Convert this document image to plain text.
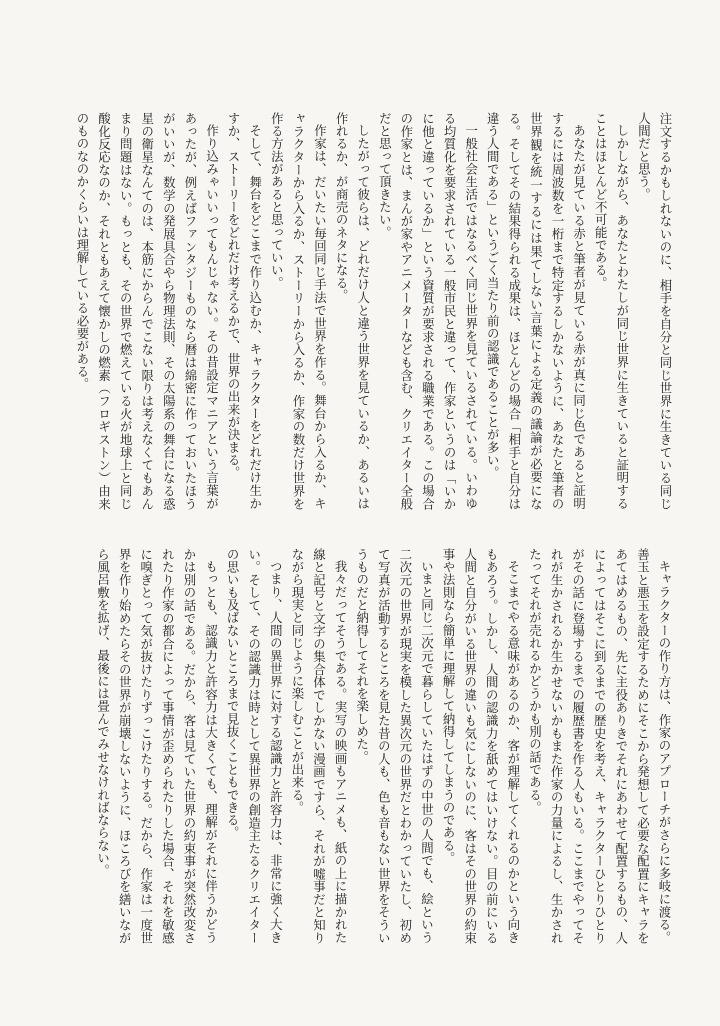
注文するかもしれないのに、相手を自分と同じ世界に生きている同じ人間だと思う。

しかしながら、あなたとわたしが同じ世界に生きていると証明することはほとんど不可能である。

あなたが見ている赤と筆者が見ている赤が真に同じ色であると証明するには周波数を一桁まで特定するしかないように、あなたと筆者の世界観を統一するには果てしない言葉による定義の議論が必要になる。そしてその結果得られる成果は、ほとんどの場合「相手と自分は違う人間である」というごく当たり前の認識であることが多い。

一般社会生活ではなるべく同じ世界を見ているされている。いわゆる均質化を要求されている一般市民と違って、作家というのは「いかに他と違っているか」という資質が要求される職業である。この場合の作家とは、まんが家やアニメーターなども含む、クリエイター全般だと思って頂きたい。

したがって彼らは、どれだけ人と違う世界を見ているか、あるいは作れるか、が商売のネタになる。

作家は、だいたい毎回同じ手法で世界を作る。舞台から入るか、キャラクターから入るか、ストーリーから入るか、作家の数だけ世界を作る方法があると思っていい。

そして、舞台をどこまで作り込むか、キャラクターをどれだけ生かすか、ストーリーをどれだけ考えるかで、世界の出来が決まる。

作り込みゃいいってもんじゃない。その昔設定マニアという言葉があったが、例えばファンタジーものなら暦は綿密に作っておいたほうがいいが、数学の発展具合やら物理法則、その太陽系の舞台になる惑星の衛星なんてのは、本筋にからんでこない限りは考えなくてもあんまり問題はない。もっとも、その世界で燃えている火が地球上と同じ酸化反応なのか、それともあえて懐かしの燃素（フロギストン）由来のものなのかくらいは理解している必要がある。

キャラクターの作り方は、作家のアプローチがさらに多岐に渡る。善玉と悪玉を設定するためにそこから発想して必要な配置にキャラをあてはめるもの、先に主役ありきでそれにあわせて配置するもの、人によってはそこに到るまでの歴史を考え、キャラクターひとりひとりがその話に登場するまでの履歴書を作る人もいる。ここまでやってそれが生かされるか生かせないかもまた作家の力量によるし、生かされたってそれが売れるかどうかも別の話である。

そこまでやる意味があるのか、客が理解してくれるのかという向きもあろう。しかし、人間の認識力を舐めてはいけない。目の前にいる人間と自分がいる世界の違いも気にしないのに、客はその世界の約束事や法則なら簡単に理解して納得してしまうのである。

いまと同じ二次元で暮らしていたはずの中世の人間でも、絵という二次元の世界が現実を模した異次元の世界だとわかっていたし、初めて写真が活動するところを見た昔の人も、色も音もない世界をそういうものだと納得してそれを楽しめた。

我々だってそうである。実写の映画もアニメも、紙の上に描かれた線と記号と文字の集合体でしかない漫画ですら、それが嘘事だと知りながら現実と同じように楽しむことが出来る。

つまり、人間の異世界に対する認識力と許容力は、非常に強く大きい。そして、その認識力は時として異世界の創造主たるクリエイターの思いも及ばないところまで見抜くこともできる。

もっとも、認識力と許容力は大きくても、理解がそれに伴うかどうかは別の話である。だから、客は見ていた世界の約束事が突然改変されたり作家の都合によって事情が歪められたりした場合、それを敏感に嗅ぎとって気が抜けたりずっこけたりする。だから、作家は一度世界を作り始めたらその世界が崩壊しないように、ほころびを繕いながら風呂敷を拡げ、最後には畳んでみせなければならない。
